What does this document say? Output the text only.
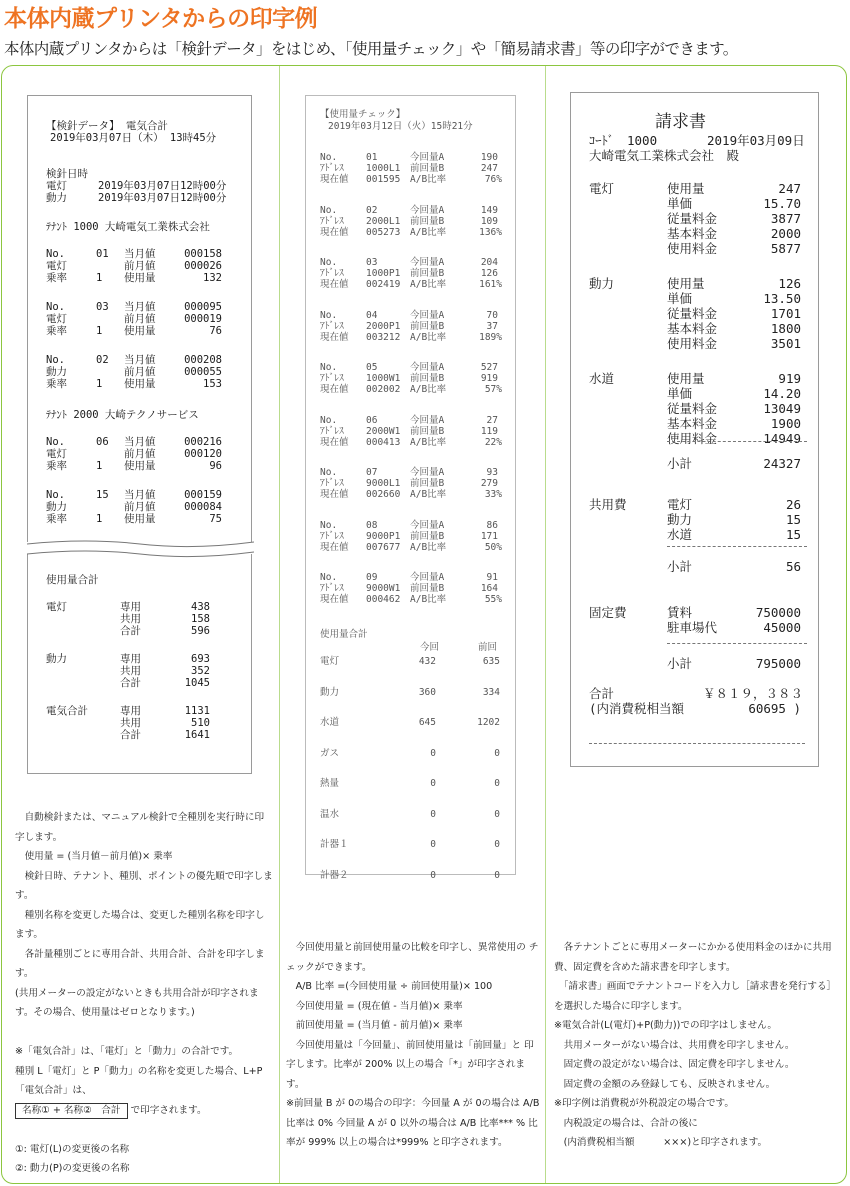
本体内蔵プリンタからの印字例
本体内蔵プリンタからは「検針データ」をはじめ、「使用量チェック」や「簡易請求書」等の印字ができます。
【検針データ】 電気合計
2019年03月07日（木） 13時45分
検針日時
電灯	2019年03月07日12時00分
動力	2019年03月07日12時00分
ﾃﾅﾝﾄ 1000 大崎電気工業株式会社
No.	01 当月値	000158
電灯	前月値	000026
乗率	1 使用量	132
No.	03 当月値	000095
電灯	前月値	000019
乗率	1 使用量	76
No.	02 当月値	000208
動力	前月値	000055
乗率	1 使用量	153
ﾃﾅﾝﾄ 2000 大崎テクノサービス
No.	06 当月値	000216
電灯	前月値	000120
乗率	1 使用量	96
No.	15 当月値	000159
動力	前月値	000084
乗率	1 使用量	75
使用量合計
電灯	専用	438
共用	158
合計	596
動力	専用	693
共用	352
合計	1045
電気合計	専用	1131
共用	510
合計	1641
　自動検針または、マニュアル検針で全種別を実行時に印字します。
　使用量 = (当月値－前月値)× 乗率
　検針日時、テナント、種別、ポイントの優先順で印字します。
　種別名称を変更した場合は、変更した種別名称を印字します。
　各計量種別ごとに専用合計、共用合計、合計を印字します。
(共用メーターの設定がないときも共用合計が印字されます。その場合、使用量はゼロとなります。)

※「電気合計」は、「電灯」と「動力」の合計です。
種別 L「電灯」と P「動力」の名称を変更した場合、L+P「電気合計」は、
名称① + 名称②　合計 で印字されます。

①: 電灯(L)の変更後の名称
②: 動力(P)の変更後の名称
【使用量チェック】
2019年03月12日（火）15時21分
No.	01	今回量A	190
ｱﾄﾞﾚｽ 1000L1 前回量B	247
現在値 001595 A/B比率	76%
No.	02	今回量A	149
ｱﾄﾞﾚｽ 2000L1 前回量B	109
現在値 005273 A/B比率	136%
No.	03	今回量A	204
ｱﾄﾞﾚｽ 1000P1 前回量B	126
現在値 002419 A/B比率	161%
No.	04	今回量A	70
ｱﾄﾞﾚｽ 2000P1 前回量B	37
現在値 003212 A/B比率	189%
No.	05	今回量A	527
ｱﾄﾞﾚｽ 1000W1 前回量B	919
現在値 002002 A/B比率	57%
No.	06	今回量A	27
ｱﾄﾞﾚｽ 2000W1 前回量B	119
現在値 000413 A/B比率	22%
No.	07	今回量A	93
ｱﾄﾞﾚｽ 9000L1 前回量B	279
現在値 002660 A/B比率	33%
No.	08	今回量A	86
ｱﾄﾞﾚｽ 9000P1 前回量B	171
現在値 007677 A/B比率	50%
No.	09	今回量A	91
ｱﾄﾞﾚｽ 9000W1 前回量B	164
現在値 000462 A/B比率	55%
使用量合計
今回	前回
電灯	432	635
動力	360	334
水道	645	1202
ガス	0	0
熱量	0	0
温水	0	0
計器１	0	0
計器２	0	0
　今回使用量と前回使用量の比較を印字し、異常使用の チェックができます。
　A/B 比率 =(今回使用量 ÷ 前回使用量)× 100
　今回使用量 = (現在値 - 当月値)× 乗率
　前回使用量 = (当月値 - 前月値)× 乗率
　今回使用量は「今回量」、前回使用量は「前回量」と 印字します。比率が 200% 以上の場合「*」が印字されます。
※前回量 B が 0の場合の印字：今回量 A が 0の場合は A/B 比率は 0% 今回量 A が 0 以外の場合は A/B 比率*** % 比率が 999% 以上の場合は*999% と印字されます。
請求書
ｺｰﾄﾞ 1000	2019年03月09日
大崎電気工業株式会社　殿
電灯	使用量	247
単価	15.70
従量料金	3877
基本料金	2000
使用料金	5877
動力	使用量	126
単価	13.50
従量料金	1701
基本料金	1800
使用料金	3501
水道	使用量	919
単価	14.20
従量料金	13049
基本料金	1900
使用料金	14949
小計	24327
共用費	電灯	26
動力	15
水道	15
小計	56
固定費	賃料	750000
駐車場代	45000
小計	795000
合計	￥８１９，３８３
(内消費税相当額	60695 )
　各テナントごとに専用メーターにかかる使用料金のほかに共用費、固定費を含めた請求書を印字します。
　「請求書」画面でテナントコードを入力し［請求書を発行する］を選択した場合に印字します。
※電気合計(L(電灯)+P(動力))での印字はしません。
　共用メーターがない場合は、共用費を印字しません。
　固定費の設定がない場合は、固定費を印字しません。
　固定費の金額のみ登録しても、反映されません。
※印字例は消費税が外税設定の場合です。
　内税設定の場合は、合計の後に
　(内消費税相当額　　　×××)と印字されます。
